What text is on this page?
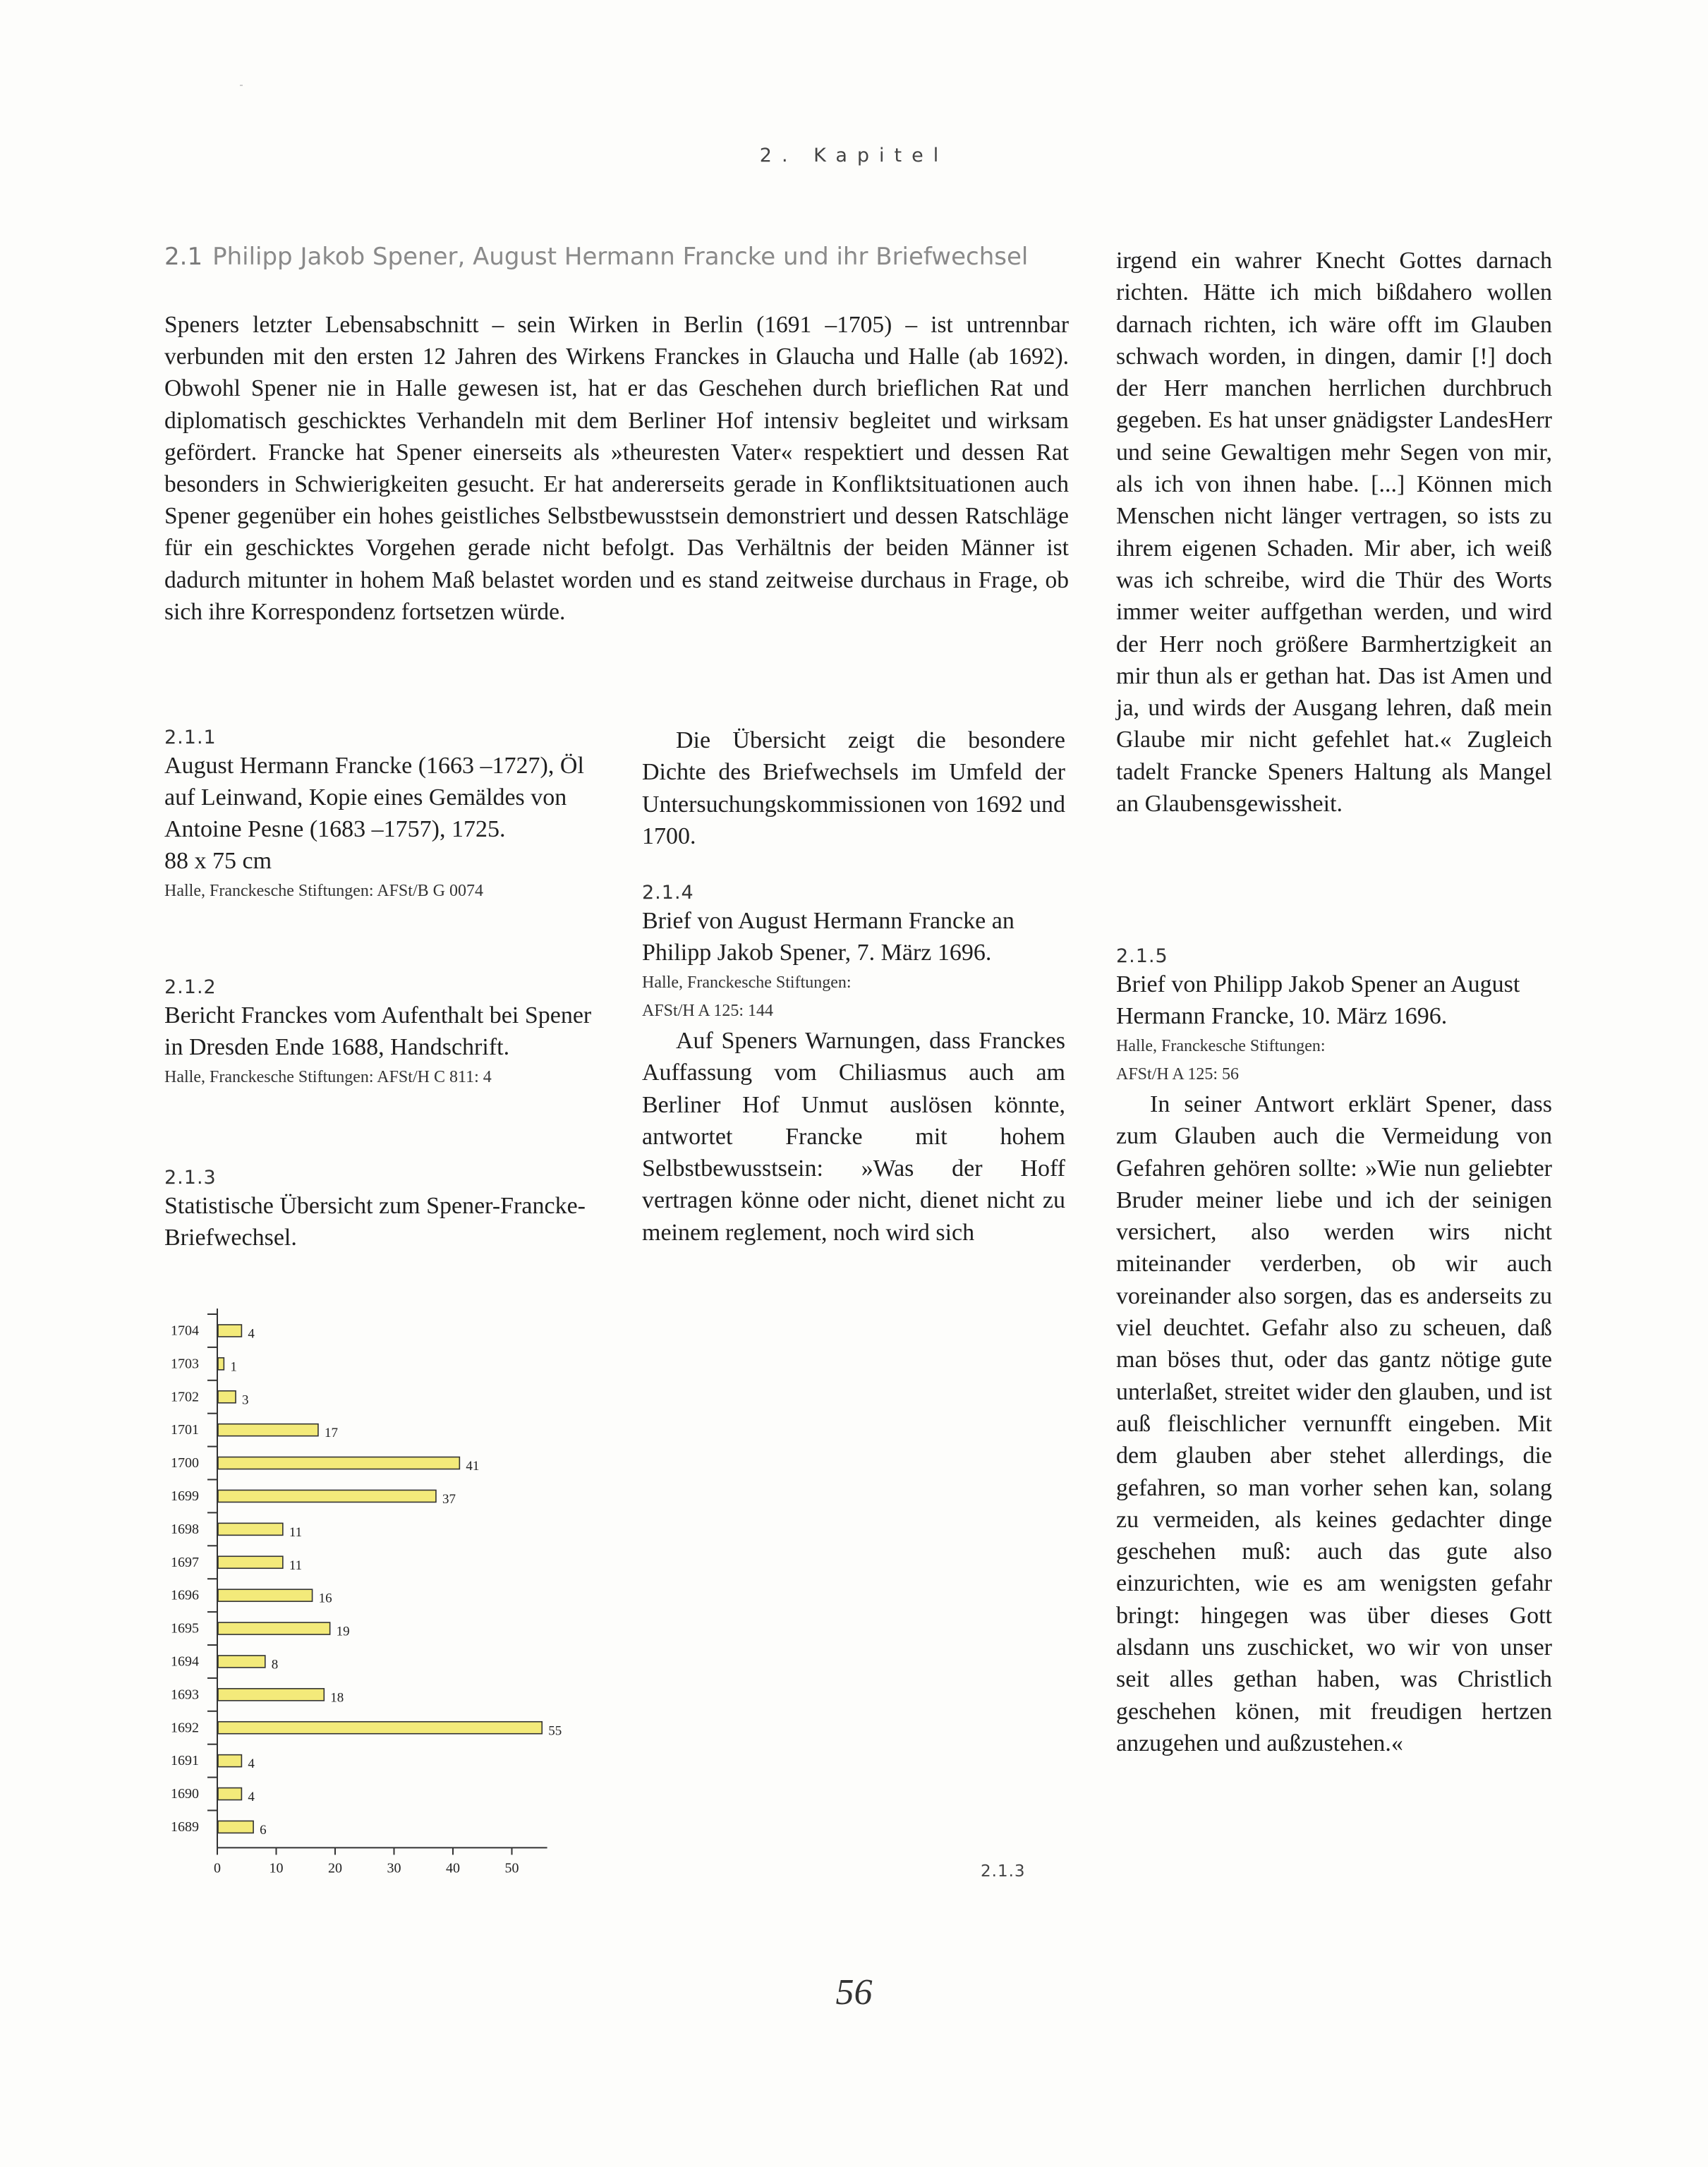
2. Kapitel
2.1 Philipp Jakob Spener, August Hermann Francke und ihr Briefwechsel
Speners letzter Lebensabschnitt – sein Wirken in Berlin (1691 –1705) – ist untrennbar verbunden mit den ersten 12 Jahren des Wirkens Franckes in Glaucha und Halle (ab 1692). Obwohl Spener nie in Halle gewesen ist, hat er das Geschehen durch brieflichen Rat und diplomatisch geschicktes Verhandeln mit dem Berliner Hof intensiv begleitet und wirksam gefördert. Francke hat Spener einerseits als »theuresten Vater« respektiert und dessen Rat besonders in Schwierigkeiten gesucht. Er hat andererseits gerade in Konfliktsituationen auch Spener gegenüber ein hohes geistliches Selbstbewusstsein demonstriert und dessen Ratschläge für ein geschicktes Vorgehen gerade nicht befolgt. Das Verhältnis der beiden Männer ist dadurch mitunter in hohem Maß belastet worden und es stand zeitweise durchaus in Frage, ob sich ihre Korrespondenz fortsetzen würde.
2.1.1
August Hermann Francke (1663 –1727), Öl auf Leinwand, Kopie eines Gemäldes von Antoine Pesne (1683 –1757), 1725.
88 x 75 cm
Halle, Franckesche Stiftungen: AFSt/B G 0074
2.1.2
Bericht Franckes vom Aufenthalt bei Spener in Dresden Ende 1688, Handschrift.
Halle, Franckesche Stiftungen: AFSt/H C 811: 4
2.1.3
Statistische Übersicht zum Spener-Francke-Briefwechsel.
Die Übersicht zeigt die besondere Dichte des Briefwechsels im Umfeld der Untersuchungskommissionen von 1692 und 1700.
2.1.4
Brief von August Hermann Francke an Philipp Jakob Spener, 7. März 1696.
Halle, Franckesche Stiftungen:
AFSt/H A 125: 144
Auf Speners Warnungen, dass Franckes Auffassung vom Chiliasmus auch am Berliner Hof Unmut auslösen könnte, antwortet Francke mit hohem Selbstbewusstsein: »Was der Hoff vertragen könne oder nicht, dienet nicht zu meinem reglement, noch wird sich
irgend ein wahrer Knecht Gottes darnach richten. Hätte ich mich bißdahero wollen darnach richten, ich wäre offt im Glauben schwach worden, in dingen, damir [!] doch der Herr manchen herrlichen durchbruch gegeben. Es hat unser gnädigster LandesHerr und seine Gewaltigen mehr Segen von mir, als ich von ihnen habe. [...] Können mich Menschen nicht länger vertragen, so ists zu ihrem eigenen Schaden. Mir aber, ich weiß was ich schreibe, wird die Thür des Worts immer weiter auffgethan werden, und wird der Herr noch größere Barmhertzigkeit an mir thun als er gethan hat. Das ist Amen und ja, und wirds der Ausgang lehren, daß mein Glaube mir nicht gefehlet hat.« Zugleich tadelt Francke Speners Haltung als Mangel an Glaubensgewissheit.
2.1.5
Brief von Philipp Jakob Spener an August Hermann Francke, 10. März 1696.
Halle, Franckesche Stiftungen:
AFSt/H A 125: 56
In seiner Antwort erklärt Spener, dass zum Glauben auch die Vermeidung von Gefahren gehören sollte: »Wie nun geliebter Bruder meiner liebe und ich der seinigen versichert, also werden wirs nicht miteinander verderben, ob wir auch voreinander also sorgen, das es anderseits zu viel deuchtet. Gefahr also zu scheuen, daß man böses thut, oder das gantz nötige gute unterlaßet, streitet wider den glauben, und ist auß fleischlicher vernunfft eingeben. Mit dem glauben aber stehet allerdings, die gefahren, so man vorher sehen kan, solang zu vermeiden, als keines gedachter dinge geschehen muß: auch das gute also einzurichten, wie es am wenigsten gefahr bringt: hingegen was über dieses Gott alsdann uns zuschicket, wo wir von unser seit alles gethan haben, was Christlich geschehen könen, mit freudigen hertzen anzugehen und außzustehen.«
1704	4
1703 1
1702	3
1701	17
1700	41
1699	37
1698	11
1697	11
1696	16
1695	19
1694	8
1693	18
1692	55
1691	4
1690	4
1689	6
0	10	20	30	40	50	2.1.3
56
